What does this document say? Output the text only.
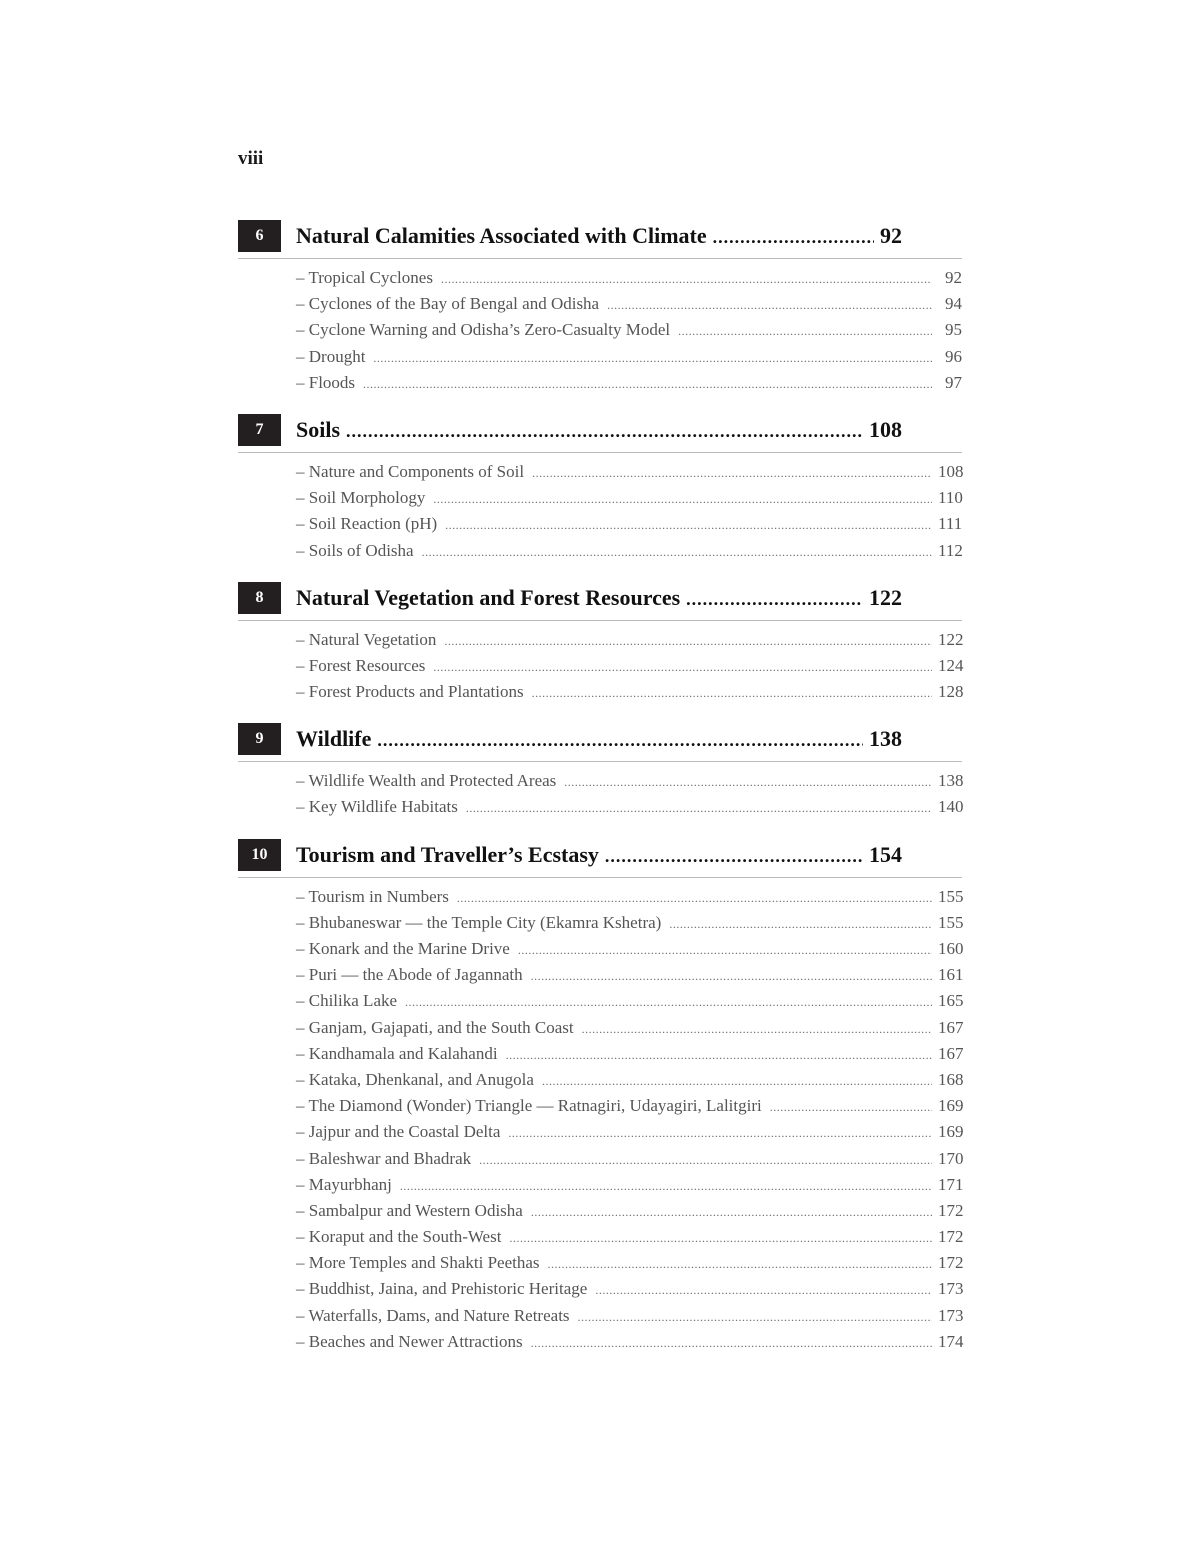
viii
6	Natural Calamities Associated with Climate .....	92
– Tropical Cyclones .....	92
– Cyclones of the Bay of Bengal and Odisha .....	94
– Cyclone Warning and Odisha’s Zero-Casualty Model .....	95
– Drought .....	96
– Floods .....	97
7	Soils .....	108
– Nature and Components of Soil .....	108
– Soil Morphology .....	110
– Soil Reaction (pH) .....	111
– Soils of Odisha .....	112
8	Natural Vegetation and Forest Resources .....	122
– Natural Vegetation .....	122
– Forest Resources .....	124
– Forest Products and Plantations .....	128
9	Wildlife .....	138
– Wildlife Wealth and Protected Areas .....	138
– Key Wildlife Habitats .....	140
10	Tourism and Traveller’s Ecstasy .....	154
– Tourism in Numbers .....	155
– Bhubaneswar — the Temple City (Ekamra Kshetra) .....	155
– Konark and the Marine Drive .....	160
– Puri — the Abode of Jagannath .....	161
– Chilika Lake .....	165
– Ganjam, Gajapati, and the South Coast .....	167
– Kandhamala and Kalahandi .....	167
– Kataka, Dhenkanal, and Anugola .....	168
– The Diamond (Wonder) Triangle — Ratnagiri, Udayagiri, Lalitgiri .....	169
– Jajpur and the Coastal Delta .....	169
– Baleshwar and Bhadrak .....	170
– Mayurbhanj .....	171
– Sambalpur and Western Odisha .....	172
– Koraput and the South-West .....	172
– More Temples and Shakti Peethas .....	172
– Buddhist, Jaina, and Prehistoric Heritage .....	173
– Waterfalls, Dams, and Nature Retreats .....	173
– Beaches and Newer Attractions .....	174
